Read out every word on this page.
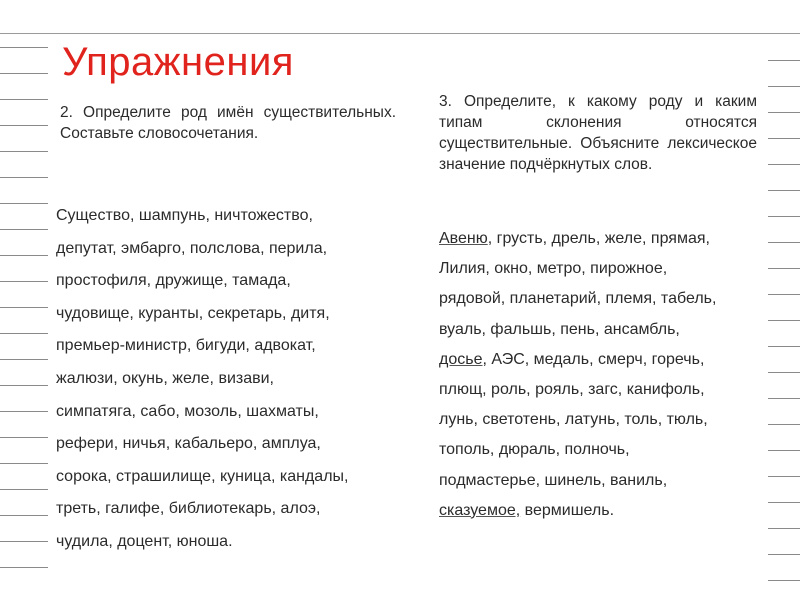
Упражнения

2. Определите род имён существительных. Составьте словосочетания.

Существо, шампунь, ничтожество,
депутат, эмбарго, полслова, перила,
простофиля, дружище, тамада,
чудовище, куранты, секретарь, дитя,
премьер-министр, бигуди, адвокат,
жалюзи, окунь, желе, визави,
симпатяга, сабо, мозоль, шахматы,
рефери, ничья, кабальеро, амплуа,
сорока, страшилище, куница, кандалы,
треть, галифе, библиотекарь, алоэ,
чудила, доцент, юноша.

3. Определите, к какому роду и каким типам склонения относятся существительные. Объясните лексическое значение подчёркнутых слов.

Авеню, грусть, дрель, желе, прямая,
Лилия, окно, метро, пирожное,
рядовой, планетарий, племя, табель,
вуаль, фальшь, пень, ансамбль,
досье, АЭС, медаль, смерч, горечь,
плющ, роль, рояль, загс, канифоль,
лунь, светотень, латунь, толь, тюль,
тополь, дюраль, полночь,
подмастерье, шинель, ваниль,
сказуемое, вермишель.
